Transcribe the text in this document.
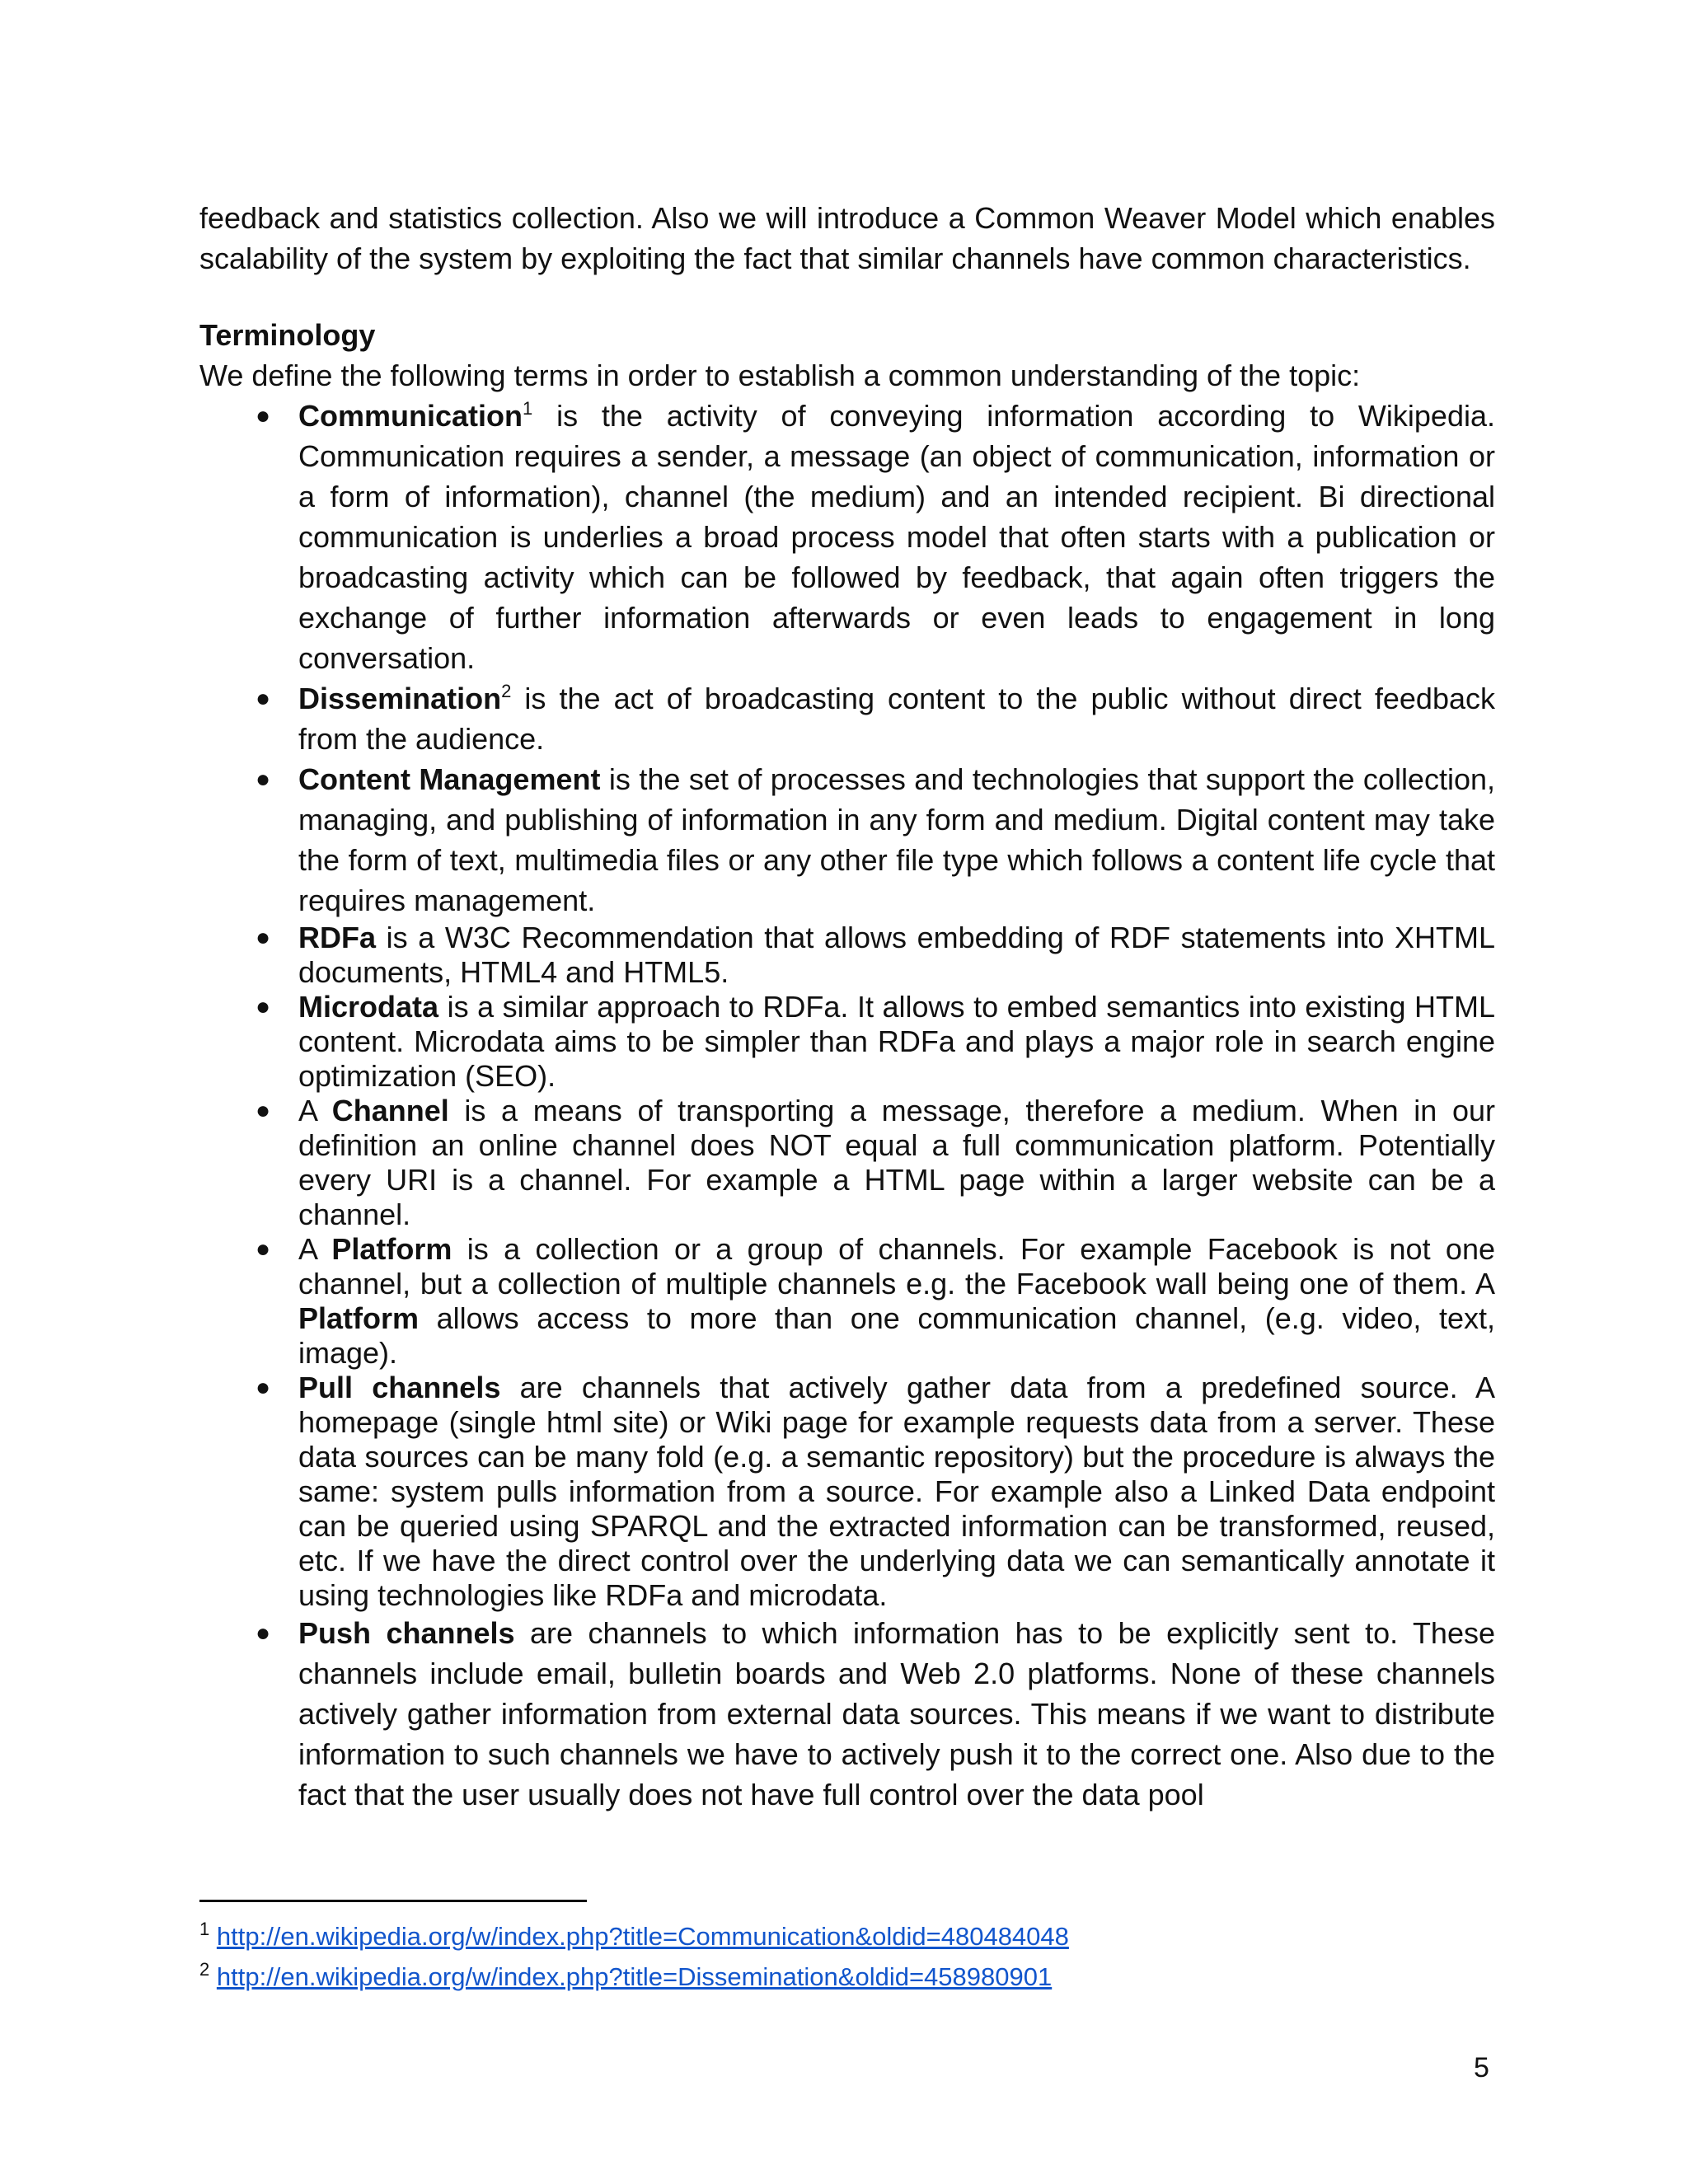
feedback and statistics collection. Also we will introduce a Common Weaver Model which enables scalability of the system by exploiting the fact that similar channels have common characteristics.

Terminology

We define the following terms in order to establish a common understanding of the topic:

● Communication$^1$ is the activity of conveying information according to Wikipedia. Communication requires a sender, a message (an object of communication, information or a form of information), channel (the medium) and an intended recipient. Bi directional communication is underlies a broad process model that often starts with a publication or broadcasting activity which can be followed by feedback, that again often triggers the exchange of further information afterwards or even leads to engagement in long conversation.
● Dissemination$^2$ is the act of broadcasting content to the public without direct feedback from the audience.
● Content Management is the set of processes and technologies that support the collection, managing, and publishing of information in any form and medium. Digital content may take the form of text, multimedia files or any other file type which follows a content life cycle that requires management.
● RDFa is a W3C Recommendation that allows embedding of RDF statements into XHTML documents, HTML4 and HTML5.
● Microdata is a similar approach to RDFa. It allows to embed semantics into existing HTML content. Microdata aims to be simpler than RDFa and plays a major role in search engine optimization (SEO).
● A Channel is a means of transporting a message, therefore a medium. When in our definition an online channel does NOT equal a full communication platform. Potentially every URI is a channel. For example a HTML page within a larger website can be a channel.
● A Platform is a collection or a group of channels. For example Facebook is not one channel, but a collection of multiple channels e.g. the Facebook wall being one of them. A Platform allows access to more than one communication channel, (e.g. video, text, image).
● Pull channels are channels that actively gather data from a predefined source. A homepage (single html site) or Wiki page for example requests data from a server. These data sources can be many fold (e.g. a semantic repository) but the procedure is always the same: system pulls information from a source. For example also a Linked Data endpoint can be queried using SPARQL and the extracted information can be transformed, reused, etc. If we have the direct control over the underlying data we can semantically annotate it using technologies like RDFa and microdata.
● Push channels are channels to which information has to be explicitly sent to. These channels include email, bulletin boards and Web 2.0 platforms. None of these channels actively gather information from external data sources. This means if we want to distribute information to such channels we have to actively push it to the correct one. Also due to the fact that the user usually does not have full control over the data pool
$^1$ http://en.wikipedia.org/w/index.php?title=Communication&oldid=480484048
$^2$ http://en.wikipedia.org/w/index.php?title=Dissemination&oldid=458980901
5
